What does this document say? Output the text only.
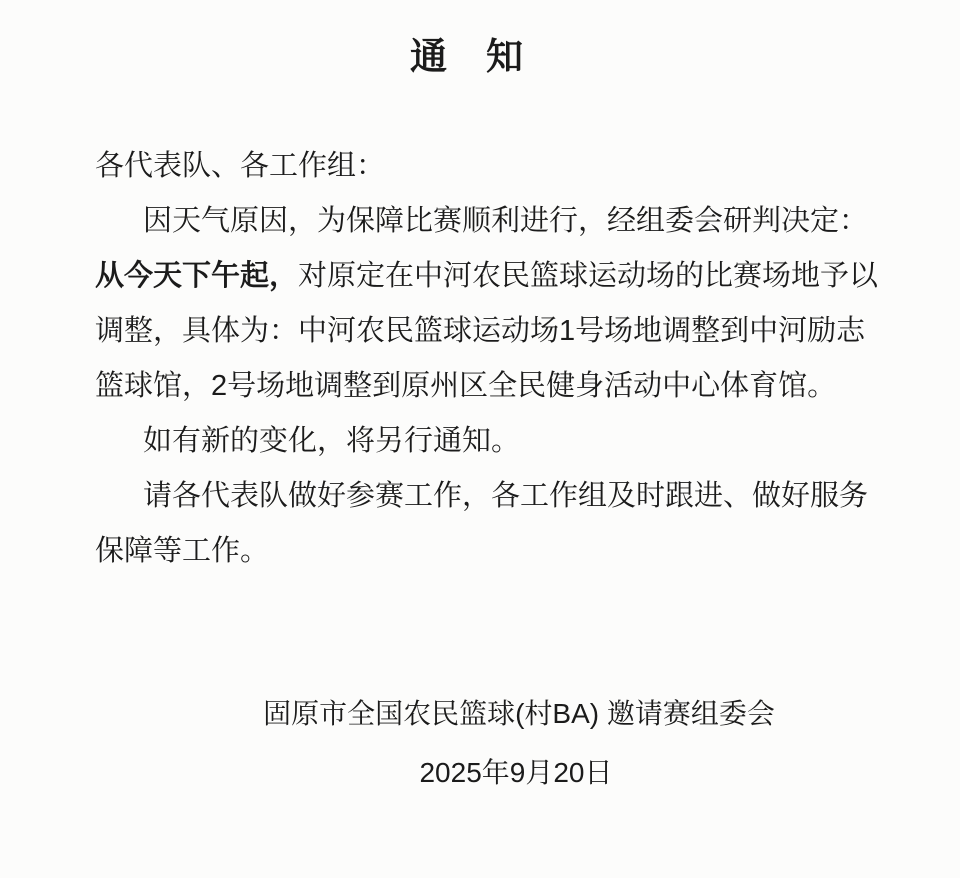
通　知
各代表队、各工作组：
因天气原因，为保障比赛顺利进行，经组委会研判决定：
从今天下午起，对原定在中河农民篮球运动场的比赛场地予以
调整，具体为：中河农民篮球运动场1号场地调整到中河励志
篮球馆，2号场地调整到原州区全民健身活动中心体育馆。
如有新的变化，将另行通知。
请各代表队做好参赛工作，各工作组及时跟进、做好服务
保障等工作。
固原市全国农民篮球(村BA) 邀请赛组委会
2025年9月20日
